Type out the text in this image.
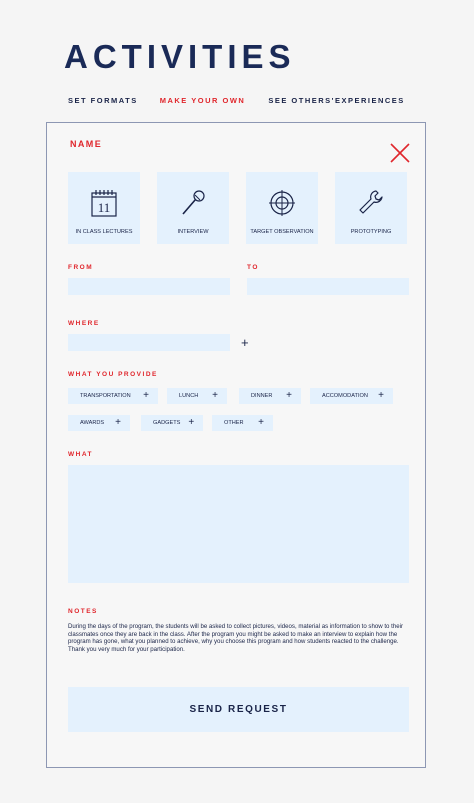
ACTIVITIES
SET FORMATS	MAKE YOUR OWN	SEE OTHERS'EXPERIENCES
NAME
11
IN CLASS LECTURES	INTERVIEW	TARGET OBSERVATION	PROTOTYPING
FROM	TO
WHERE
+
WHAT YOU PROVIDE
TRANSPORTATION +	LUNCH +	DINNER +	ACCOMODATION +
AWARDS +	GADGETS +	OTHER +
WHAT
NOTES
During the days of the program, the students will be asked to collect pictures, videos, material as information to show to their classmates once they are back in the class. After the program you might be asked to make an interview to explain how the program has gone, what you planned to achieve, why you choose this program and how students reacted to the challenge.
Thank you very much for your participation.
SEND REQUEST
